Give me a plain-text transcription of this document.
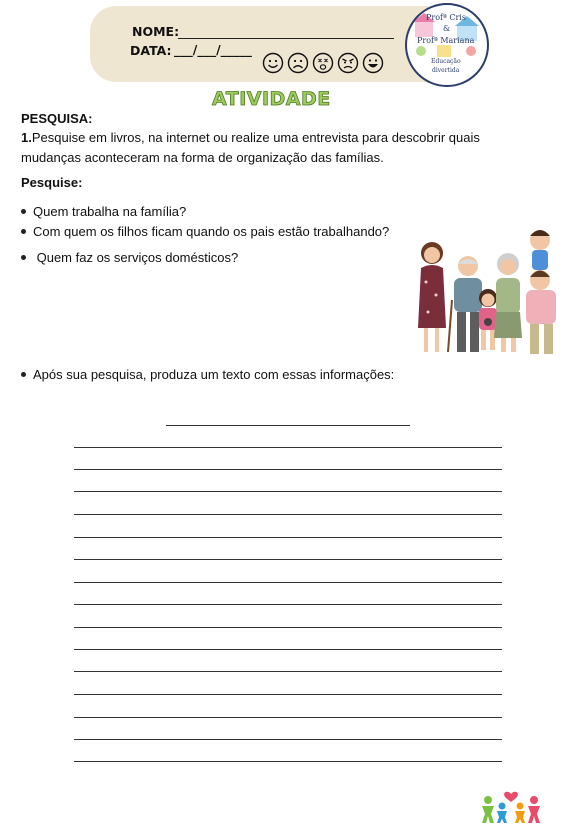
NOME:
DATA: ___/___/_____
Profª Cris
&
Profª Mariana
Educação
divertida
ATIVIDADE
PESQUISA:
1.Pesquise em livros, na internet ou realize uma entrevista para descobrir quais
mudanças aconteceram na forma de organização das famílias.
Pesquise:
Quem trabalha na família?
Com quem os filhos ficam quando os pais estão trabalhando?
Quem faz os serviços domésticos?
Após sua pesquisa, produza um texto com essas informações:
